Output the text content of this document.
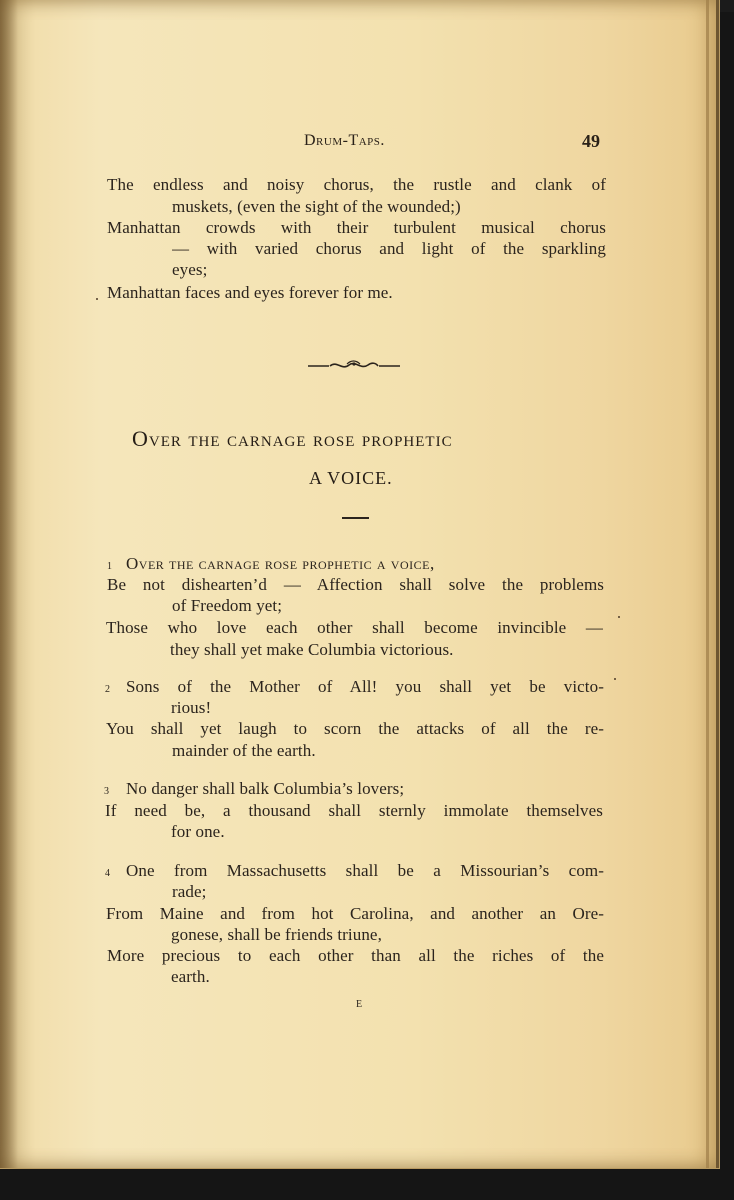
Drum-Taps.	49
The endless and noisy chorus, the rustle and clank of
muskets, (even the sight of the wounded;)
Manhattan crowds with their turbulent musical chorus
— with varied chorus and light of the sparkling
eyes;
Manhattan faces and eyes forever for me.
Over the carnage rose prophetic
A VOICE.
1 Over the carnage rose prophetic a voice,
Be not dishearten’d — Affection shall solve the problems
of Freedom yet;
Those who love each other shall become invincible —
they shall yet make Columbia victorious.
2 Sons of the Mother of All! you shall yet be victo-
rious!
You shall yet laugh to scorn the attacks of all the re-
mainder of the earth.
3 No danger shall balk Columbia’s lovers;
If need be, a thousand shall sternly immolate themselves
for one.
4 One from Massachusetts shall be a Missourian’s com-
rade;
From Maine and from hot Carolina, and another an Ore-
gonese, shall be friends triune,
More precious to each other than all the riches of the
earth.
E
